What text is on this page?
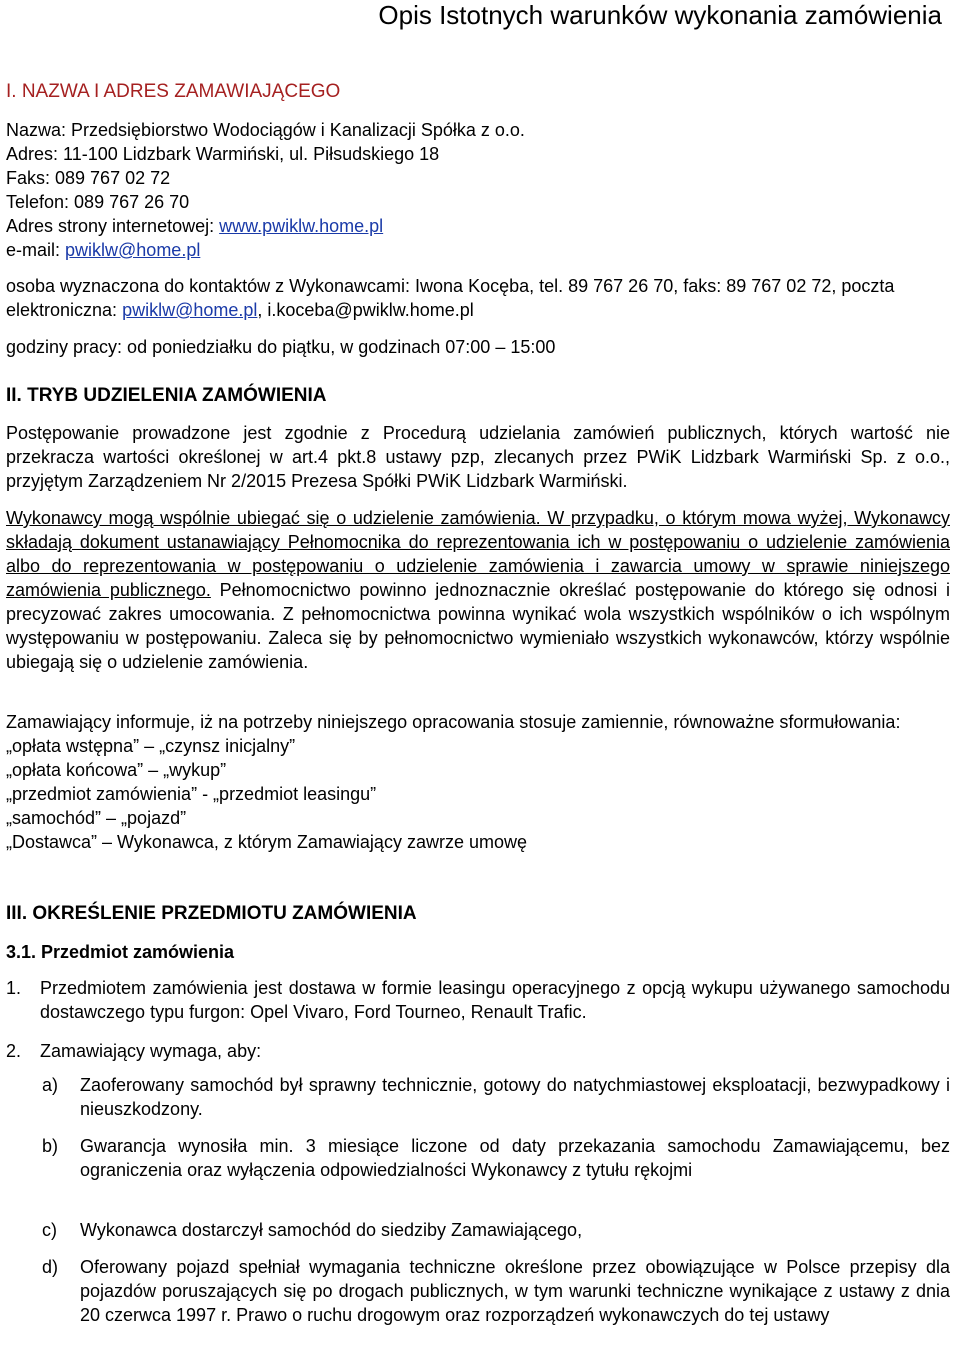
Opis Istotnych warunków wykonania zamówienia

I. NAZWA I ADRES ZAMAWIAJĄCEGO

Nazwa: Przedsiębiorstwo Wodociągów i Kanalizacji Spółka z o.o.

Adres: 11-100 Lidzbark Warmiński, ul. Piłsudskiego 18

Faks: 089 767 02 72

Telefon: 089 767 26 70

Adres strony internetowej: www.pwiklw.home.pl

e-mail: pwiklw@home.pl

osoba wyznaczona do kontaktów z Wykonawcami: Iwona Kocęba, tel. 89 767 26 70, faks: 89 767 02 72, poczta elektroniczna: pwiklw@home.pl, i.koceba@pwiklw.home.pl

godziny pracy: od poniedziałku do piątku, w godzinach 07:00 – 15:00

II. TRYB UDZIELENIA ZAMÓWIENIA

Postępowanie prowadzone jest zgodnie z Procedurą udzielania zamówień publicznych, których wartość nie przekracza wartości określonej w art.4 pkt.8 ustawy pzp, zlecanych przez PWiK Lidzbark Warmiński Sp. z o.o., przyjętym Zarządzeniem Nr 2/2015 Prezesa Spółki PWiK Lidzbark Warmiński.

Wykonawcy mogą wspólnie ubiegać się o udzielenie zamówienia. W przypadku, o którym mowa wyżej, Wykonawcy składają dokument ustanawiający Pełnomocnika do reprezentowania ich w postępowaniu o udzielenie zamówienia albo do reprezentowania w postępowaniu o udzielenie zamówienia i zawarcia umowy w sprawie niniejszego zamówienia publicznego. Pełnomocnictwo powinno jednoznacznie określać postępowanie do którego się odnosi i precyzować zakres umocowania. Z pełnomocnictwa powinna wynikać wola wszystkich wspólników o ich wspólnym występowaniu w postępowaniu. Zaleca się by pełnomocnictwo wymieniało wszystkich wykonawców, którzy wspólnie ubiegają się o udzielenie zamówienia.

Zamawiający informuje, iż na potrzeby niniejszego opracowania stosuje zamiennie, równoważne sformułowania:

„opłata wstępna” – „czynsz inicjalny”

„opłata końcowa” – „wykup”

„przedmiot zamówienia” - „przedmiot leasingu”

„samochód” – „pojazd”

„Dostawca” – Wykonawca, z którym Zamawiający zawrze umowę

III. OKREŚLENIE PRZEDMIOTU ZAMÓWIENIA

3.1. Przedmiot zamówienia

1.	Przedmiotem zamówienia jest dostawa w formie leasingu operacyjnego z opcją wykupu używanego samochodu dostawczego typu furgon: Opel Vivaro, Ford Tourneo, Renault Trafic.
2.	Zamawiający wymaga, aby:
a)	Zaoferowany samochód był sprawny technicznie, gotowy do natychmiastowej eksploatacji, bezwypadkowy i nieuszkodzony.
b)	Gwarancja wynosiła min. 3 miesiące liczone od daty przekazania samochodu Zamawiającemu, bez ograniczenia oraz wyłączenia odpowiedzialności Wykonawcy z tytułu rękojmi
c)	Wykonawca dostarczył samochód do siedziby Zamawiającego,
d)	Oferowany pojazd spełniał wymagania techniczne określone przez obowiązujące w Polsce przepisy dla pojazdów poruszających się po drogach publicznych, w tym warunki techniczne wynikające z ustawy z dnia 20 czerwca 1997 r. Prawo o ruchu drogowym oraz rozporządzeń wykonawczych do tej ustawy
